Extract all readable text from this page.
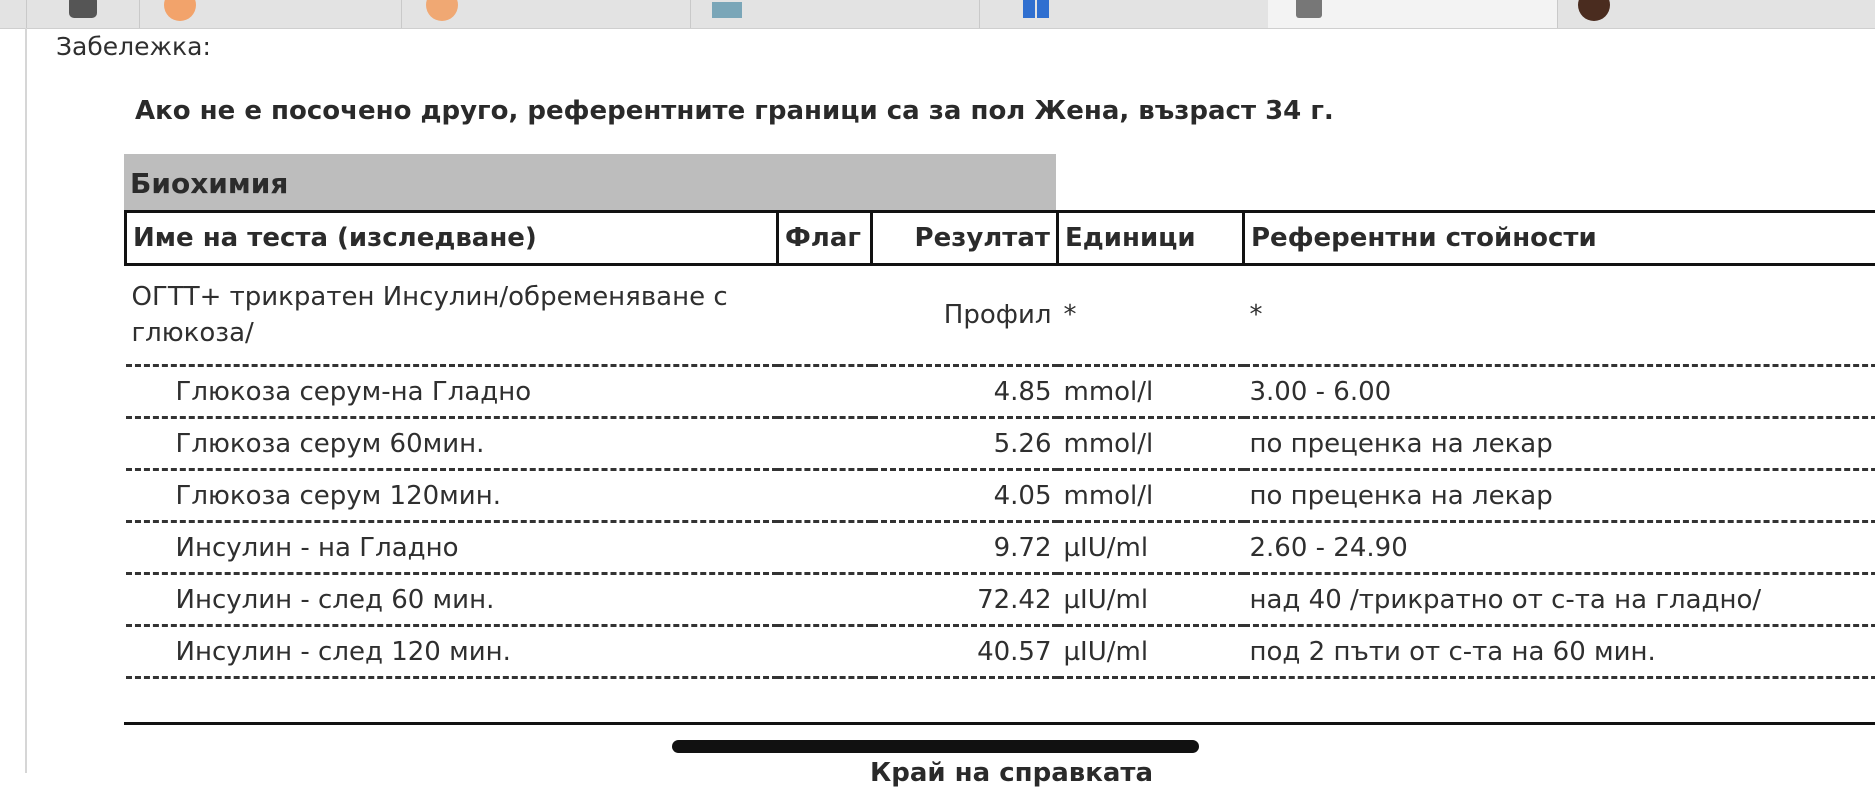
Забележка:
Ако не е посочено друго, референтните граници са за пол Жена, възраст 34 г.
Биохимия
Име на теста (изследване)	Флаг	Резултат	Единици	Референтни стойности
ОГТТ+ трикратен Инсулин/обременяване с глюкоза/		Профил	*	*
Глюкоза серум-на Гладно		4.85	mmol/l	3.00 - 6.00
Глюкоза серум 60мин.		5.26	mmol/l	по преценка на лекар
Глюкоза серум 120мин.		4.05	mmol/l	по преценка на лекар
Инсулин - на Гладно		9.72	µIU/ml	2.60 - 24.90
Инсулин - след 60 мин.		72.42	µIU/ml	над 40 /трикратно от с-та на гладно/
Инсулин - след 120 мин.		40.57	µIU/ml	под 2 пъти от с-та на 60 мин.
Край на справката
